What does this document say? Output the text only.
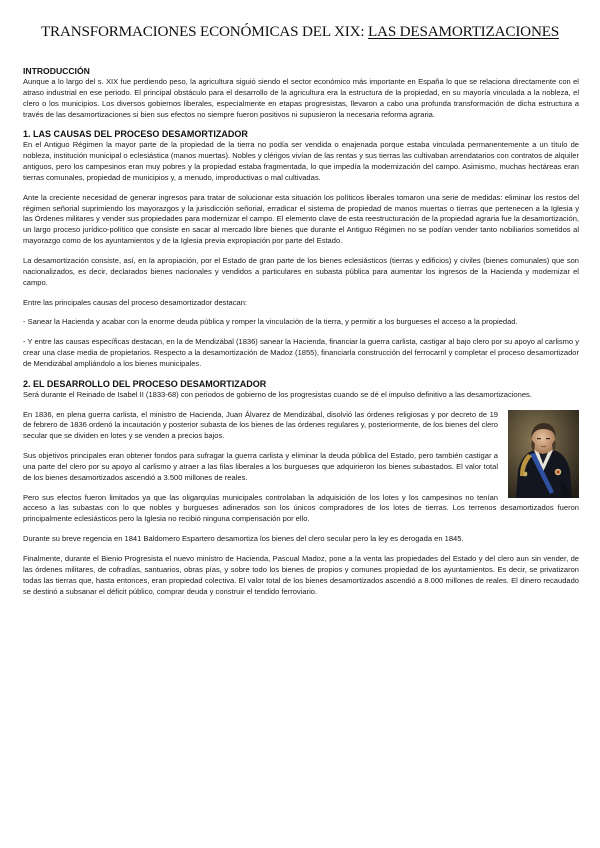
TRANSFORMACIONES ECONÓMICAS DEL XIX: LAS DESAMORTIZACIONES
INTRODUCCIÓN

Aunque a lo largo del s. XIX fue perdiendo peso, la agricultura siguió siendo el sector económico más importante en España lo que se relaciona directamente con el atraso industrial en ese periodo. El principal obstáculo para el desarrollo de la agricultura era la estructura de la propiedad, en su mayoría vinculada a la nobleza, el clero o los municipios. Los diversos gobiernos liberales, especialmente en etapas progresistas, llevaron a cabo una profunda transformación de dicha estructura a través de las desamortizaciones si bien sus efectos no siempre fueron positivos ni supusieron la necesaria reforma agraria.

1. LAS CAUSAS DEL PROCESO DESAMORTIZADOR

En el Antiguo Régimen la mayor parte de la propiedad de la tierra no podía ser vendida o enajenada porque estaba vinculada permanentemente a un título de nobleza, institución municipal o eclesiástica (manos muertas). Nobles y clérigos vivían de las rentas y sus tierras las cultivaban arrendatarios con contratos de alquiler antiguos, pero los campesinos eran muy pobres y la propiedad estaba fragmentada, lo que impedía la modernización del campo. Asimismo, muchas hectáreas eran tierras comunales, propiedad de municipios y, a menudo, improductivas o mal cultivadas.

Ante la creciente necesidad de generar ingresos para tratar de solucionar esta situación los políticos liberales tomaron una serie de medidas: eliminar los restos del régimen señorial suprimiendo los mayorazgos y la jurisdicción señorial, erradicar el sistema de propiedad de manos muertas o tierras que pertenecen a la Iglesia y las Órdenes militares y vender sus propiedades para modernizar el campo. El elemento clave de esta reestructuración de la propiedad agraria fue la desamortización, un largo proceso jurídico-político que consiste en sacar al mercado libre bienes que durante el Antiguo Régimen no se podían vender tanto nobiliarios sometidos al mayorazgo como de los ayuntamientos y de la Iglesia previa expropiación por parte del Estado.

La desamortización consiste, así, en la apropiación, por el Estado de gran parte de los bienes eclesiásticos (tierras y edificios) y civiles (bienes comunales) que son nacionalizados, es decir, declarados bienes nacionales y vendidos a particulares en subasta pública para aumentar los ingresos de la Hacienda y modernizar el campo.

Entre las principales causas del proceso desamortizador destacan:

- Sanear la Hacienda y acabar con la enorme deuda pública y romper la vinculación de la tierra, y permitir a los burgueses el acceso a la propiedad.

- Y entre las causas específicas destacan, en la de Mendizábal (1836) sanear la Hacienda, financiar la guerra carlista, castigar al bajo clero por su apoyo al carlismo y crear una clase media de propietarios. Respecto a la desamortización de Madoz (1855), financiarla construcción del ferrocarril y completar el proceso desamortizador de Mendizábal ampliándolo a los bienes municipales.

2. EL DESARROLLO DEL PROCESO DESAMORTIZADOR

Será durante el Reinado de Isabel II (1833-68) con periodos de gobierno de los progresistas cuando se dé el impulso definitivo a las desamortizaciones.

En 1836, en plena guerra carlista, el ministro de Hacienda, Juan Álvarez de Mendizábal, disolvió las órdenes religiosas y por decreto de 19 de febrero de 1836 ordenó la incautación y posterior subasta de los bienes de las órdenes regulares y, posteriormente, de los bienes del clero secular que se dividen en lotes y se venden a precios bajos.

Sus objetivos principales eran obtener fondos para sufragar la guerra carlista y eliminar la deuda pública del Estado, pero también castigar a una parte del clero por su apoyo al carlismo y atraer a las filas liberales a los burgueses que adquirieron los bienes subastados. El valor total de los bienes desamortizados ascendió a 3.500 millones de reales.

Pero sus efectos fueron limitados ya que las oligarquías municipales controlaban la adquisición de los lotes y los campesinos no tenían acceso a las subastas con lo que nobles y burgueses adinerados son los únicos compradores de los lotes de tierras. Los terrenos desamortizados fueron principalmente eclesiásticos pero la Iglesia no recibió ninguna compensación por ello.

Durante su breve regencia en 1841 Baldomero Espartero desamortiza los bienes del clero secular pero la ley es derogada en 1845.

Finalmente, durante el Bienio Progresista el nuevo ministro de Hacienda, Pascual Madoz, pone a la venta las propiedades del Estado y del clero aun sin vender, de las órdenes militares, de cofradías, santuarios, obras pías, y sobre todo los bienes de propios y comunes propiedad de los ayuntamientos. Es decir, se privatizaron todas las tierras que, hasta entonces, eran propiedad colectiva. El valor total de los bienes desamortizados ascendió a 8.000 millones de reales. El dinero recaudado se destinó a subsanar el déficit público, comprar deuda y construir el tendido ferroviario.
